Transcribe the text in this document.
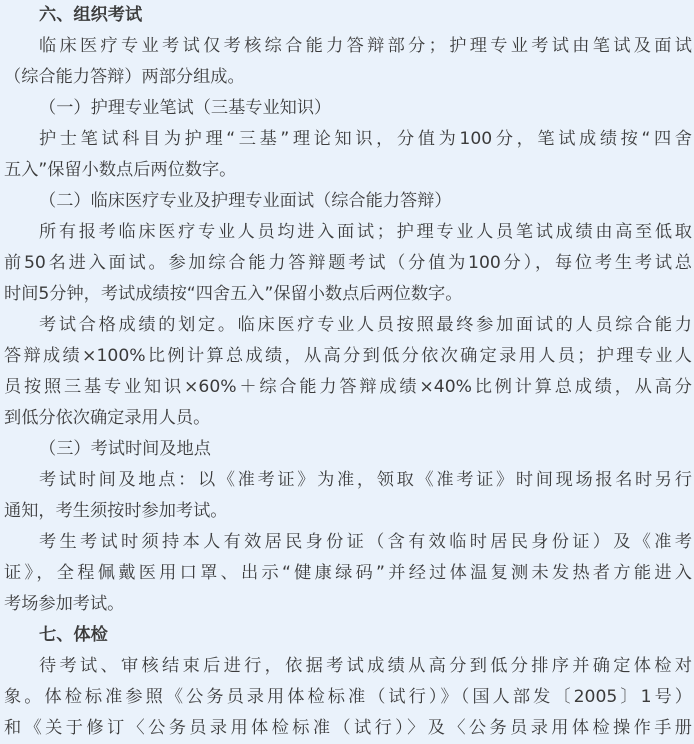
六、组织考试
临床医疗专业考试仅考核综合能力答辩部分；护理专业考试由笔试及面试
（综合能力答辩）两部分组成。
（一）护理专业笔试（三基专业知识）
护士笔试科目为护理“三基”理论知识，分值为100分，笔试成绩按“四舍
五入”保留小数点后两位数字。
（二）临床医疗专业及护理专业面试（综合能力答辩）
所有报考临床医疗专业人员均进入面试；护理专业人员笔试成绩由高至低取
前50名进入面试。参加综合能力答辩题考试（分值为100分），每位考生考试总
时间5分钟，考试成绩按“四舍五入”保留小数点后两位数字。
考试合格成绩的划定。临床医疗专业人员按照最终参加面试的人员综合能力
答辩成绩×100%比例计算总成绩，从高分到低分依次确定录用人员；护理专业人
员按照三基专业知识×60%＋综合能力答辩成绩×40%比例计算总成绩，从高分
到低分依次确定录用人员。
（三）考试时间及地点
考试时间及地点：以《准考证》为准，领取《准考证》时间现场报名时另行
通知，考生须按时参加考试。
考生考试时须持本人有效居民身份证（含有效临时居民身份证）及《准考
证》，全程佩戴医用口罩、出示“健康绿码”并经过体温复测未发热者方能进入
考场参加考试。
七、体检
待考试、审核结束后进行，依据考试成绩从高分到低分排序并确定体检对
象。体检标准参照《公务员录用体检标准（试行）》（国人部发〔2005〕1号）
和《关于修订〈公务员录用体检标准（试行）〉及〈公务员录用体检操作手册
